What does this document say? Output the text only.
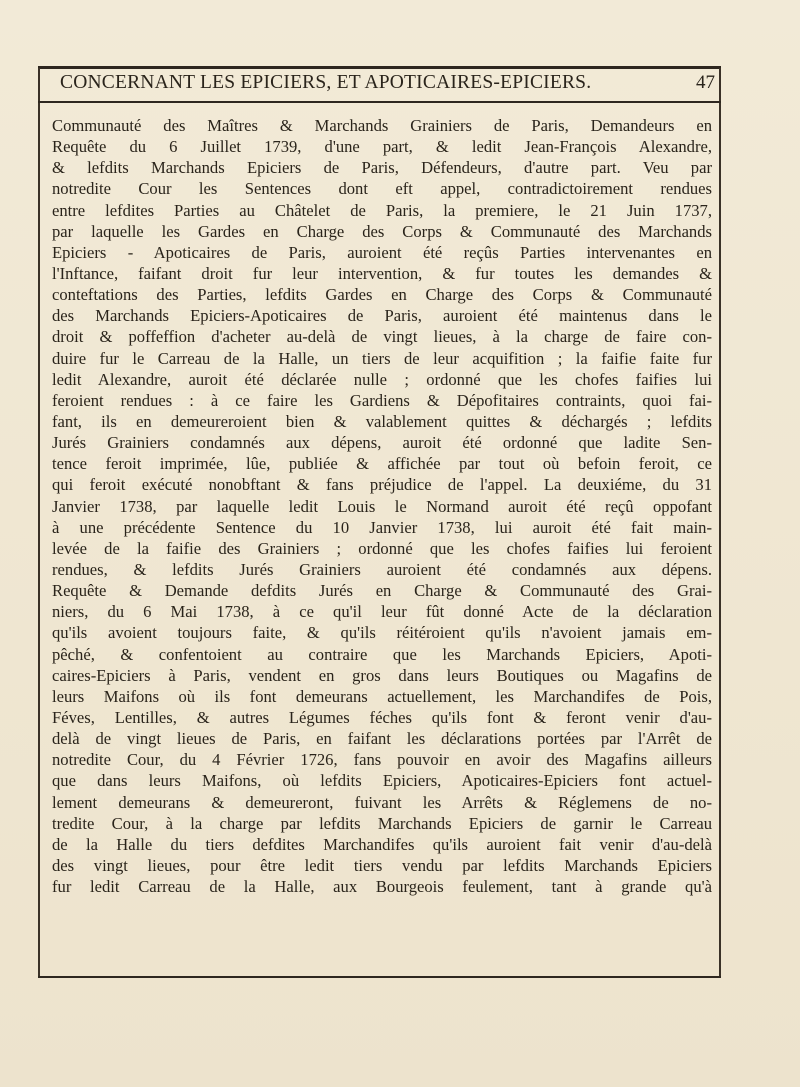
CONCERNANT LES EPICIERS, ET APOTICAIRES-EPICIERS.	47
Communauté des Maîtres & Marchands Grainiers de Paris, Demandeurs en
Requête du 6 Juillet 1739, d'une part, & ledit Jean-François Alexandre,
& lefdits Marchands Epiciers de Paris, Défendeurs, d'autre part. Veu par
notredite Cour les Sentences dont eft appel, contradictoirement rendues
entre lefdites Parties au Châtelet de Paris, la premiere, le 21 Juin 1737,
par laquelle les Gardes en Charge des Corps & Communauté des Marchands
Epiciers - Apoticaires de Paris, auroient été reçûs Parties intervenantes en
l'Inftance, faifant droit fur leur intervention, & fur toutes les demandes &
conteftations des Parties, lefdits Gardes en Charge des Corps & Communauté
des Marchands Epiciers-Apoticaires de Paris, auroient été maintenus dans le
droit & poffeffion d'acheter au-delà de vingt lieues, à la charge de faire con-
duire fur le Carreau de la Halle, un tiers de leur acquifition ; la faifie faite fur
ledit Alexandre, auroit été déclarée nulle ; ordonné que les chofes faifies lui
feroient rendues : à ce faire les Gardiens & Dépofitaires contraints, quoi fai-
fant, ils en demeureroient bien & valablement quittes & déchargés ; lefdits
Jurés Grainiers condamnés aux dépens, auroit été ordonné que ladite Sen-
tence feroit imprimée, lûe, publiée & affichée par tout où befoin feroit, ce
qui feroit exécuté nonobftant & fans préjudice de l'appel. La deuxiéme, du 31
Janvier 1738, par laquelle ledit Louis le Normand auroit été reçû oppofant
à une précédente Sentence du 10 Janvier 1738, lui auroit été fait main-
levée de la faifie des Grainiers ; ordonné que les chofes faifies lui feroient
rendues, & lefdits Jurés Grainiers auroient été condamnés aux dépens.
Requête & Demande defdits Jurés en Charge & Communauté des Grai-
niers, du 6 Mai 1738, à ce qu'il leur fût donné Acte de la déclaration
qu'ils avoient toujours faite, & qu'ils réitéroient qu'ils n'avoient jamais em-
pêché, & confentoient au contraire que les Marchands Epiciers, Apoti-
caires-Epiciers à Paris, vendent en gros dans leurs Boutiques ou Magafins de
leurs Maifons où ils font demeurans actuellement, les Marchandifes de Pois,
Féves, Lentilles, & autres Légumes féches qu'ils font & feront venir d'au-
delà de vingt lieues de Paris, en faifant les déclarations portées par l'Arrêt de
notredite Cour, du 4 Février 1726, fans pouvoir en avoir des Magafins ailleurs
que dans leurs Maifons, où lefdits Epiciers, Apoticaires-Epiciers font actuel-
lement demeurans & demeureront, fuivant les Arrêts & Réglemens de no-
tredite Cour, à la charge par lefdits Marchands Epiciers de garnir le Carreau
de la Halle du tiers defdites Marchandifes qu'ils auroient fait venir d'au-delà
des vingt lieues, pour être ledit tiers vendu par lefdits Marchands Epiciers
fur ledit Carreau de la Halle, aux Bourgeois feulement, tant à grande qu'à
